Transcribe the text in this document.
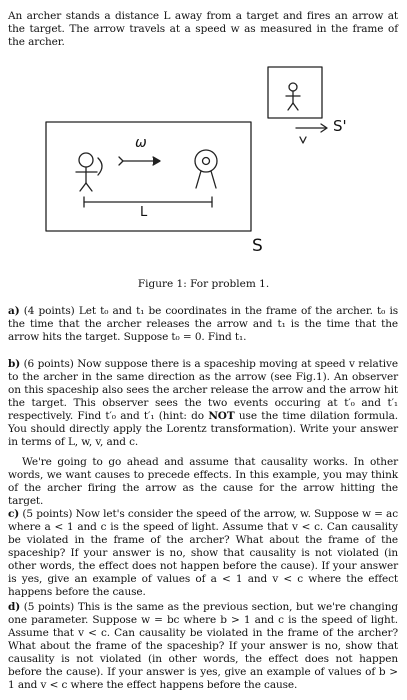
An archer stands a distance L away from a target and fires an arrow at the target. The arrow travels at a speed w as measured in the frame of the archer.

ω
L
S
S'
Figure 1: For problem 1.

a) (4 points) Let t₀ and t₁ be coordinates in the frame of the archer. t₀ is the time that the archer releases the arrow and t₁ is the time that the arrow hits the target. Suppose t₀ = 0. Find t₁.

b) (6 points) Now suppose there is a spaceship moving at speed v relative to the archer in the same direction as the arrow (see Fig.1). An observer on this spaceship also sees the archer release the arrow and the arrow hit the target. This observer sees the two events occuring at t′₀ and t′₁ respectively. Find t′₀ and t′₁ (hint: do NOT use the time dilation formula. You should directly apply the Lorentz transformation). Write your answer in terms of L, w, v, and c.

We're going to go ahead and assume that causality works. In other words, we want causes to precede effects. In this example, you may think of the archer firing the arrow as the cause for the arrow hitting the target.

c) (5 points) Now let's consider the speed of the arrow, w. Suppose w = ac where a < 1 and c is the speed of light. Assume that v < c. Can causality be violated in the frame of the archer? What about the frame of the spaceship? If your answer is no, show that causality is not violated (in other words, the effect does not happen before the cause). If your answer is yes, give an example of values of a < 1 and v < c where the effect happens before the cause.

d) (5 points) This is the same as the previous section, but we're changing one parameter. Suppose w = bc where b > 1 and c is the speed of light. Assume that v < c. Can causality be violated in the frame of the archer? What about the frame of the spaceship? If your answer is no, show that causality is not violated (in other words, the effect does not happen before the cause). If your answer is yes, give an example of values of b > 1 and v < c where the effect happens before the cause.
